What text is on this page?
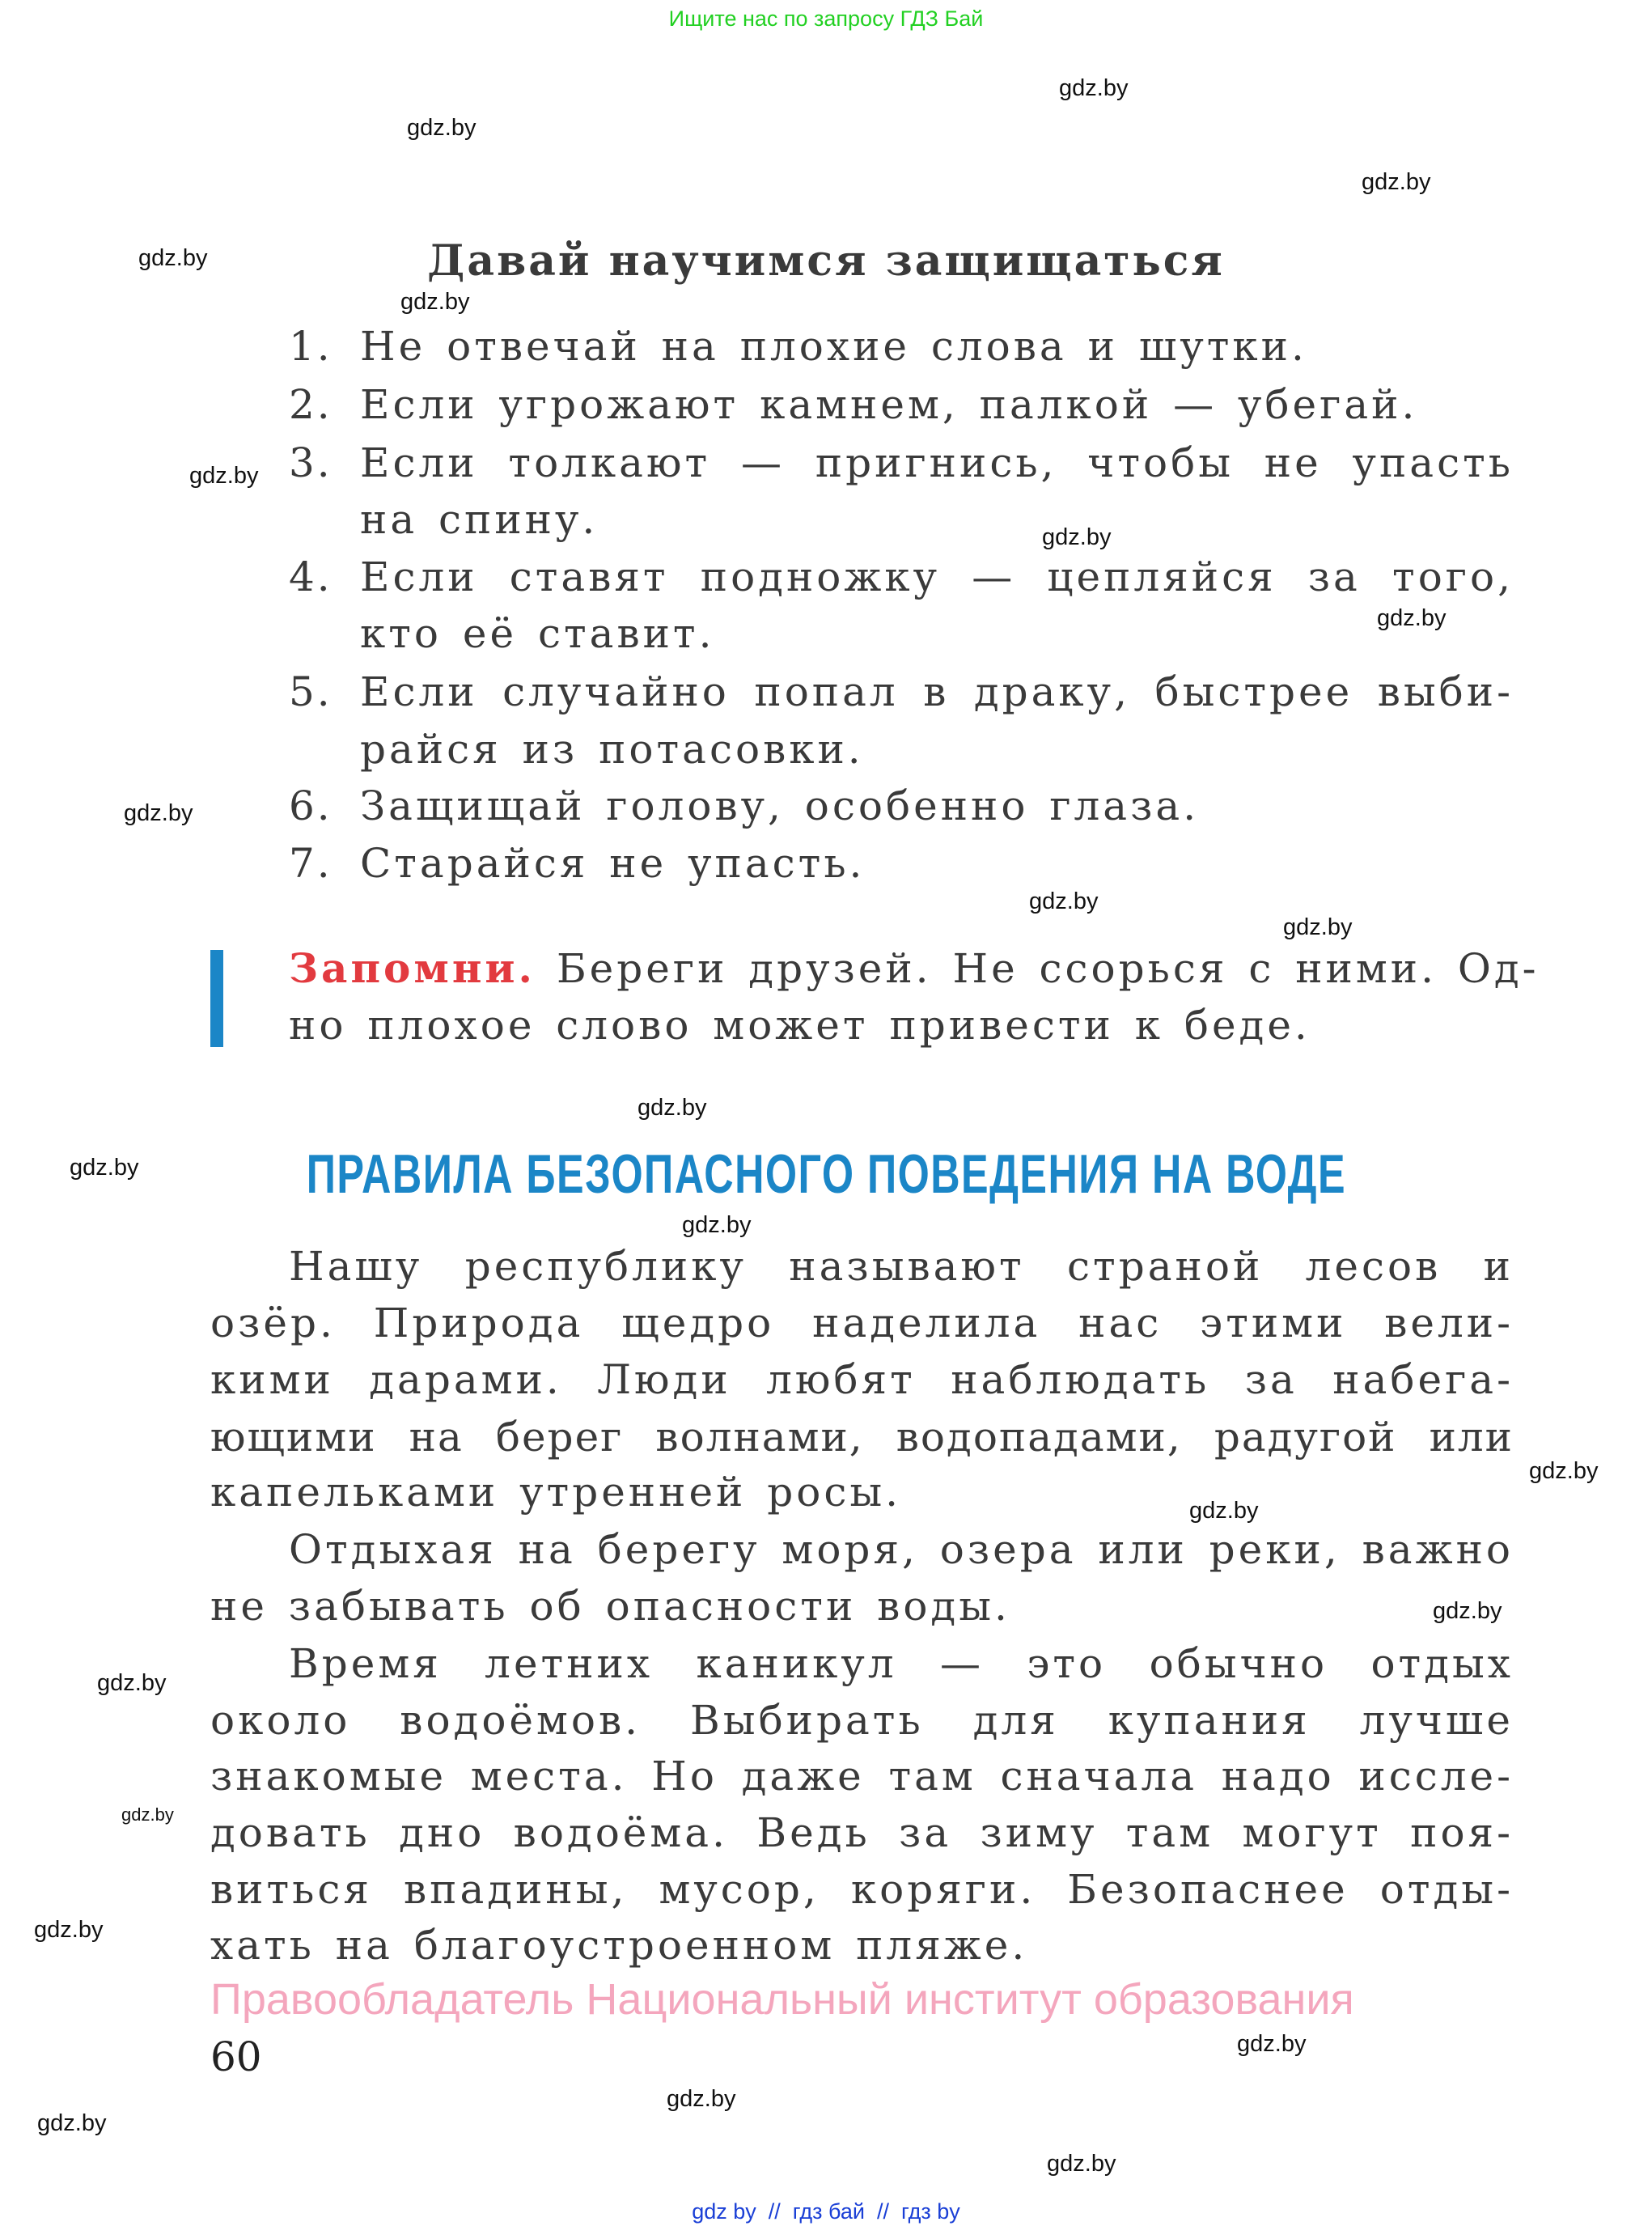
Ищите нас по запросу ГДЗ Бай
Давай научимся защищаться
1. Не отвечай на плохие слова и шутки.
2. Если угрожают камнем, палкой — убегай.
3. Если толкают — пригнись, чтобы не упасть
на спину.
4. Если ставят подножку — цепляйся за того,
кто её ставит.
5. Если случайно попал в драку, быстрее выби-
райся из потасовки.
6. Защищай голову, особенно глаза.
7. Старайся не упасть.
Запомни. Береги друзей. Не ссорься с ними. Од-
но плохое слово может привести к беде.
ПРАВИЛА БЕЗОПАСНОГО ПОВЕДЕНИЯ НА ВОДЕ
Нашу республику называют страной лесов и
озёр. Природа щедро наделила нас этими вели-
кими дарами. Люди любят наблюдать за набега-
ющими на берег волнами, водопадами, радугой или
капельками утренней росы.
Отдыхая на берегу моря, озера или реки, важно
не забывать об опасности воды.
Время летних каникул — это обычно отдых
около водоёмов. Выбирать для купания лучше
знакомые места. Но даже там сначала надо иссле-
довать дно водоёма. Ведь за зиму там могут поя-
виться впадины, мусор, коряги. Безопаснее отды-
хать на благоустроенном пляже.
Правообладатель Национальный институт образования
60
gdz.by
gdz.by
gdz.by
gdz.by
gdz.by
gdz.by
gdz.by
gdz.by
gdz.by
gdz.by
gdz.by
gdz.by
gdz.by
gdz.by
gdz.by
gdz.by
gdz.by
gdz.by
gdz.by
gdz.by
gdz.by
gdz.by
gdz.by
gdz.by
gdz by  //  гдз бай  //  гдз by
